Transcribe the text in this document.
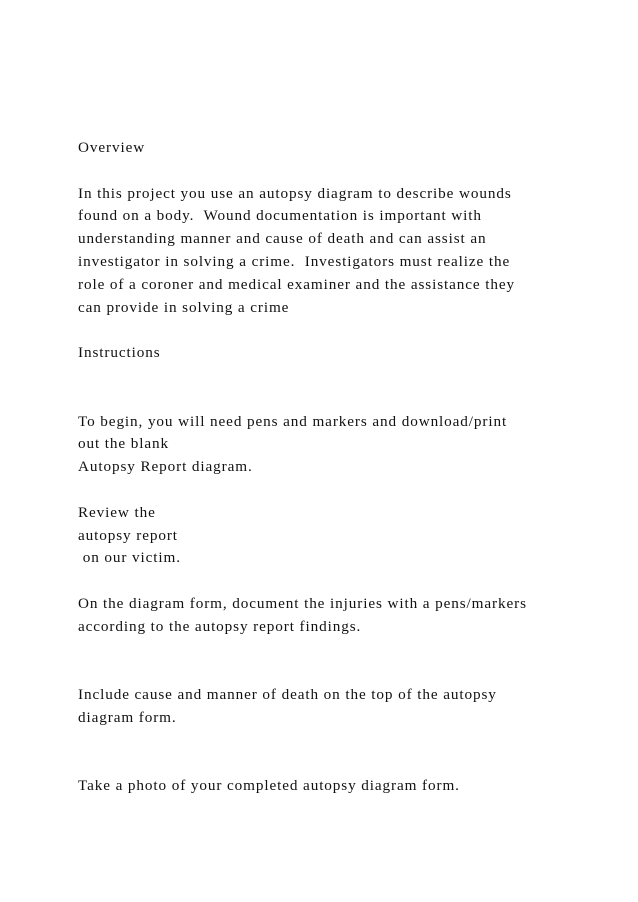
Overview
In this project you use an autopsy diagram to describe wounds
found on a body.  Wound documentation is important with
understanding manner and cause of death and can assist an
investigator in solving a crime.  Investigators must realize the
role of a coroner and medical examiner and the assistance they
can provide in solving a crime
Instructions
To begin, you will need pens and markers and download/print
out the blank
Autopsy Report diagram.
Review the
autopsy report
on our victim.
On the diagram form, document the injuries with a pens/markers
according to the autopsy report findings.
Include cause and manner of death on the top of the autopsy
diagram form.
Take a photo of your completed autopsy diagram form.
